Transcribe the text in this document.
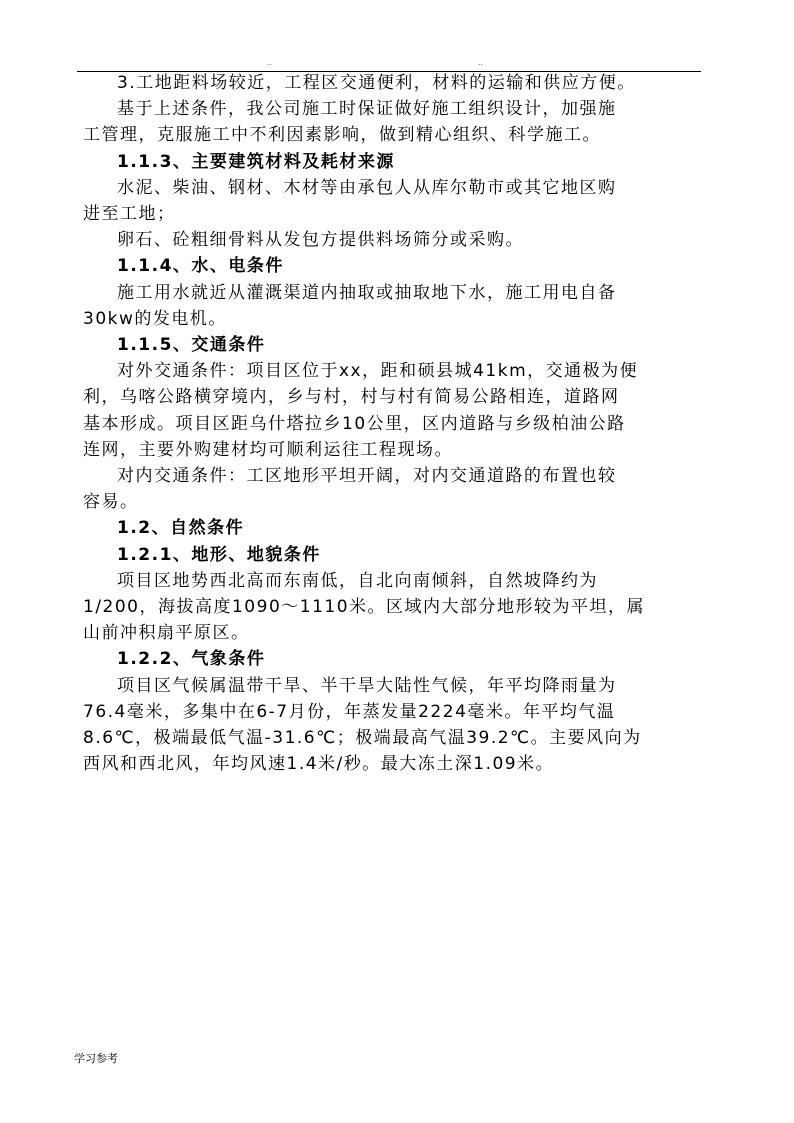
..	..
3.工地距料场较近，工程区交通便利，材料的运输和供应方便。
基于上述条件，我公司施工时保证做好施工组织设计，加强施
工管理，克服施工中不利因素影响，做到精心组织、科学施工。
1.1.3、主要建筑材料及耗材来源
水泥、柴油、钢材、木材等由承包人从库尔勒市或其它地区购
进至工地；
卵石、砼粗细骨料从发包方提供料场筛分或采购。
1.1.4、水、电条件
施工用水就近从灌溉渠道内抽取或抽取地下水，施工用电自备
30kw的发电机。
1.1.5、交通条件
对外交通条件：项目区位于xx，距和硕县城41km，交通极为便
利，乌喀公路横穿境内，乡与村，村与村有简易公路相连，道路网
基本形成。项目区距乌什塔拉乡10公里，区内道路与乡级柏油公路
连网，主要外购建材均可顺利运往工程现场。
对内交通条件：工区地形平坦开阔，对内交通道路的布置也较
容易。
1.2、自然条件
1.2.1、地形、地貌条件
项目区地势西北高而东南低，自北向南倾斜，自然坡降约为
1/200，海拔高度1090～1110米。区域内大部分地形较为平坦，属
山前冲积扇平原区。
1.2.2、气象条件
项目区气候属温带干旱、半干旱大陆性气候，年平均降雨量为
76.4毫米，多集中在6-7月份，年蒸发量2224毫米。年平均气温
8.6℃，极端最低气温-31.6℃；极端最高气温39.2℃。主要风向为
西风和西北风，年均风速1.4米/秒。最大冻土深1.09米。
学习参考
